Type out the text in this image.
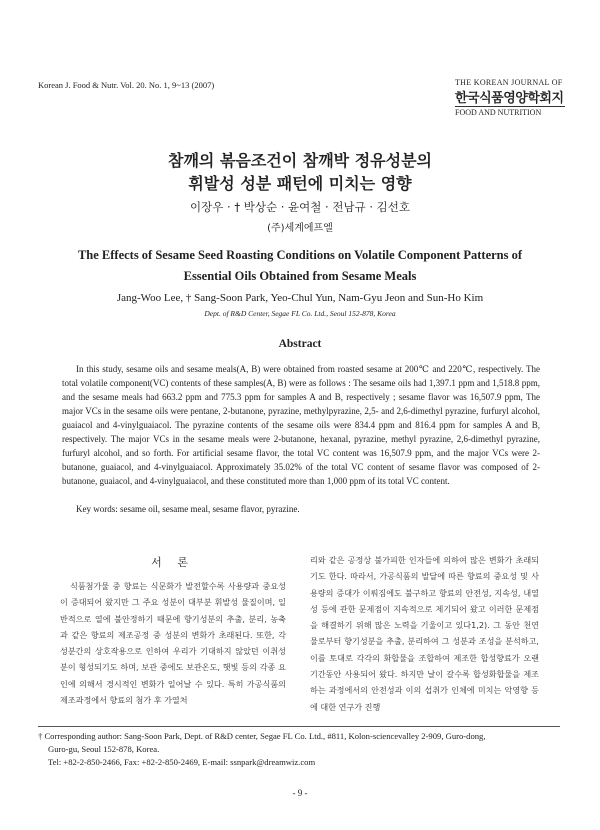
Korean J. Food & Nutr. Vol. 20. No. 1, 9~13 (2007)	THE KOREAN JOURNAL OF
한국식품영양학회지
FOOD AND NUTRITION
참깨의 볶음조건이 참깨박 정유성분의
휘발성 성분 패턴에 미치는 영향
이장우 · † 박상순 · 윤여철 · 전남규 · 김선호
(주)세계에프엘
The Effects of Sesame Seed Roasting Conditions on Volatile Component Patterns of
Essential Oils Obtained from Sesame Meals
Jang-Woo Lee, † Sang-Soon Park, Yeo-Chul Yun, Nam-Gyu Jeon and Sun-Ho Kim
Dept. of R&D Center, Segae FL Co. Ltd., Seoul 152-878, Korea
Abstract

In this study, sesame oils and sesame meals(A, B) were obtained from roasted sesame at 200℃ and 220℃, respectively. The total volatile component(VC) contents of these samples(A, B) were as follows : The sesame oils had 1,397.1 ppm and 1,518.8 ppm, and the sesame meals had 663.2 ppm and 775.3 ppm for samples A and B, respectively ; sesame flavor was 16,507.9 ppm, The major VCs in the sesame oils were pentane, 2-butanone, pyrazine, methylpyrazine, 2,5- and 2,6-dimethyl pyrazine, furfuryl alcohol, guaiacol and 4-vinylguaiacol. The pyrazine contents of the sesame oils were 834.4 ppm and 816.4 ppm for samples A and B, respectively. The major VCs in the sesame meals were 2-butanone, hexanal, pyrazine, methyl pyrazine, 2,6-dimethyl pyrazine, furfuryl alcohol, and so forth. For artificial sesame flavor, the total VC content was 16,507.9 ppm, and the major VCs were 2-butanone, guaiacol, and 4-vinylguaiacol. Approximately 35.02% of the total VC content of sesame flavor was composed of 2-butanone, guaiacol, and 4-vinylguaiacol, and these constituted more than 1,000 ppm of its total VC content.

Key words: sesame oil, sesame meal, sesame flavor, pyrazine.
서 론

식품첨가물 중 향료는 식문화가 발전할수록 사용량과 중요성이 증대되어 왔지만 그 주요 성분이 대부분 휘발성 물질이며, 일반적으로 열에 불안정하기 때문에 향기성분의 추출, 분리, 농축과 같은 향료의 제조공정 중 성분의 변화가 초래된다. 또한, 각 성분간의 상호작용으로 인하여 우리가 기대하지 않았던 이취성분이 형성되기도 하며, 보관 중에도 보관온도, 햇빛 등의 각종 요인에 의해서 경시적인 변화가 일어날 수 있다. 특히 가공식품의 제조과정에서 향료의 첨가 후 가열처

리와 같은 공정상 불가피한 인자들에 의하여 많은 변화가 초래되기도 한다. 따라서, 가공식품의 발달에 따른 향료의 중요성 및 사용량의 증대가 이뤄짐에도 불구하고 향료의 안전성, 지속성, 내열성 등에 관한 문제점이 지속적으로 제기되어 왔고 이러한 문제점을 해결하기 위해 많은 노력을 기울이고 있다1,2). 그 동안 천연물로부터 향기성분을 추출, 분리하여 그 성분과 조성을 분석하고, 이를 토대로 각각의 화합물을 조합하여 제조한 합성향료가 오랜 기간동안 사용되어 왔다. 하지만 날이 갈수록 합성화합물을 제조하는 과정에서의 안전성과 이의 섭취가 인체에 미치는 악영향 등에 대한 연구가 진행

† Corresponding author: Sang-Soon Park, Dept. of R&D center, Segae FL Co. Ltd., #811, Kolon-sciencevalley 2-909, Guro-dong,

Guro-gu, Seoul 152-878, Korea.

Tel: +82-2-850-2466, Fax: +82-2-850-2469, E-mail: ssnpark@dreamwiz.com

- 9 -
